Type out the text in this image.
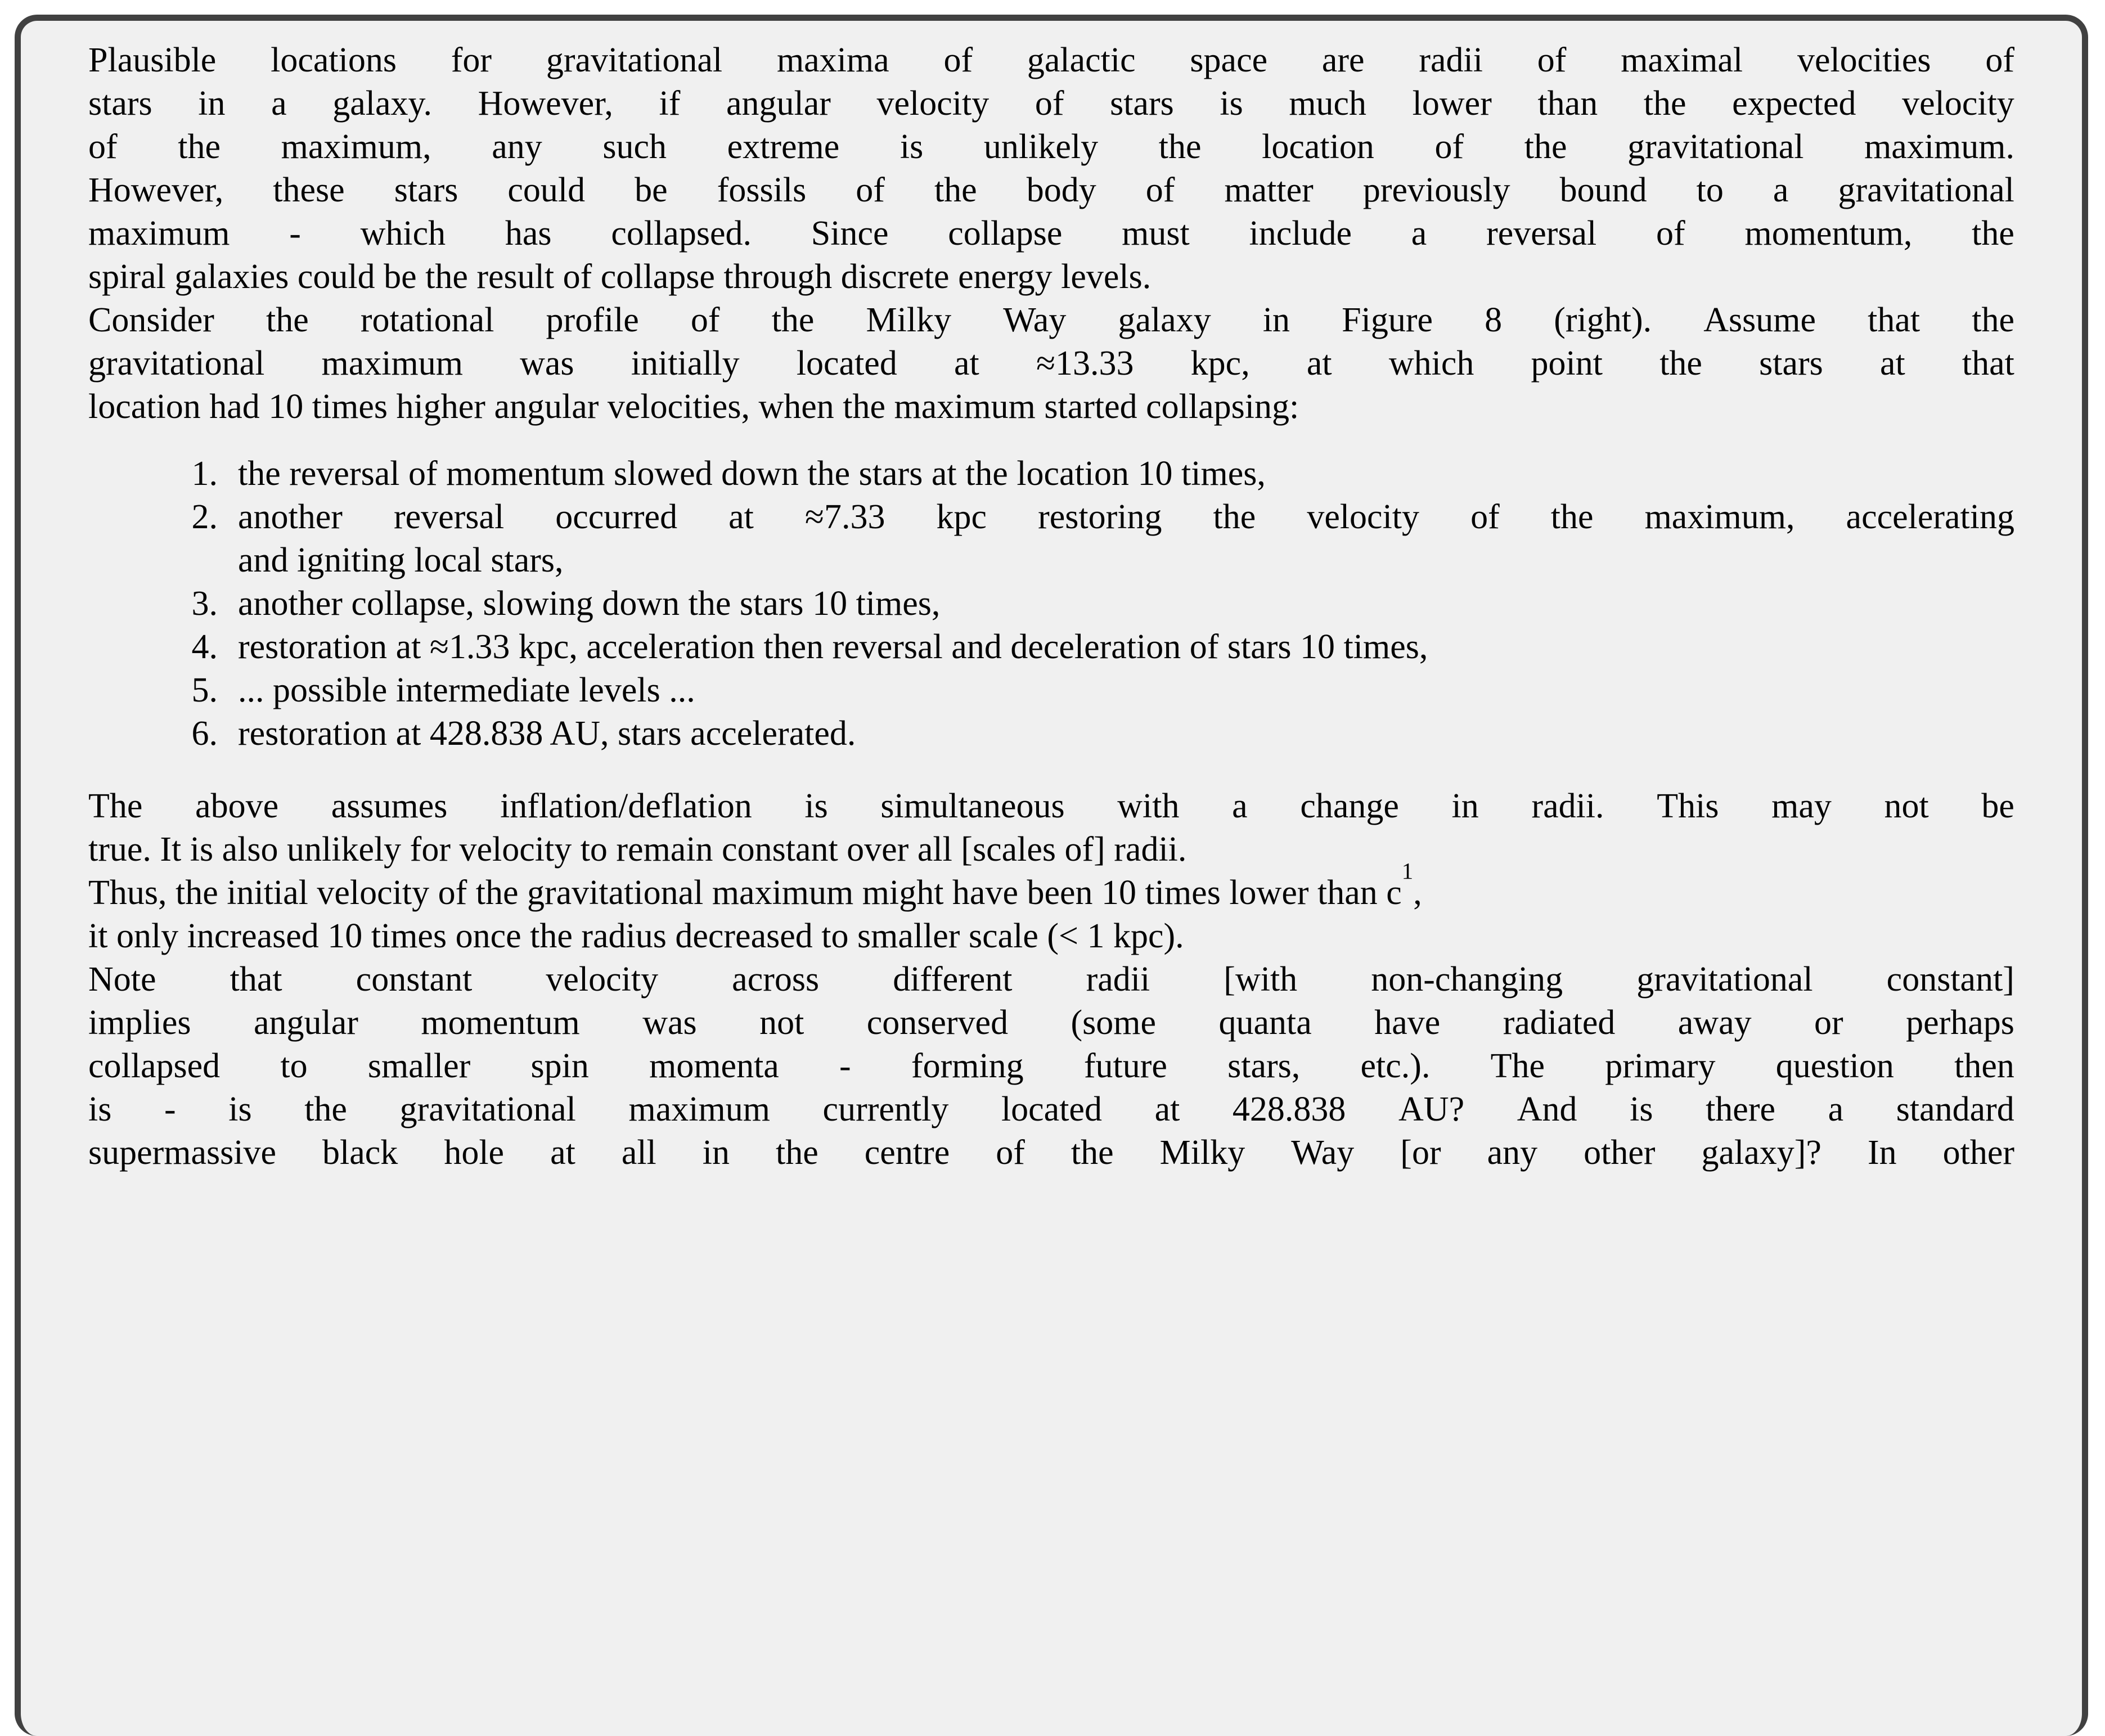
Plausible locations for gravitational maxima of galactic space are radii of maximal velocities of
stars in a galaxy. However, if angular velocity of stars is much lower than the expected velocity
of the maximum, any such extreme is unlikely the location of the gravitational maximum.
However, these stars could be fossils of the body of matter previously bound to a gravitational
maximum - which has collapsed. Since collapse must include a reversal of momentum, the
spiral galaxies could be the result of collapse through discrete energy levels.
Consider the rotational profile of the Milky Way galaxy in Figure 8 (right). Assume that the
gravitational maximum was initially located at ≈13.33 kpc, at which point the stars at that
location had 10 times higher angular velocities, when the maximum started collapsing:
1. the reversal of momentum slowed down the stars at the location 10 times,
2. another reversal occurred at ≈7.33 kpc restoring the velocity of the maximum, accelerating
and igniting local stars,
3. another collapse, slowing down the stars 10 times,
4. restoration at ≈1.33 kpc, acceleration then reversal and deceleration of stars 10 times,
5. ... possible intermediate levels ...
6. restoration at 428.838 AU, stars accelerated.
The above assumes inflation/deflation is simultaneous with a change in radii. This may not be
true. It is also unlikely for velocity to remain constant over all [scales of] radii.
Thus, the initial velocity of the gravitational maximum might have been 10 times lower than c
1
,
it only increased 10 times once the radius decreased to smaller scale (< 1 kpc).
Note that constant velocity across different radii [with non-changing gravitational constant]
implies angular momentum was not conserved (some quanta have radiated away or perhaps
collapsed to smaller spin momenta - forming future stars, etc.). The primary question then
is - is the gravitational maximum currently located at 428.838 AU? And is there a standard
supermassive black hole at all in the centre of the Milky Way [or any other galaxy]? In other
